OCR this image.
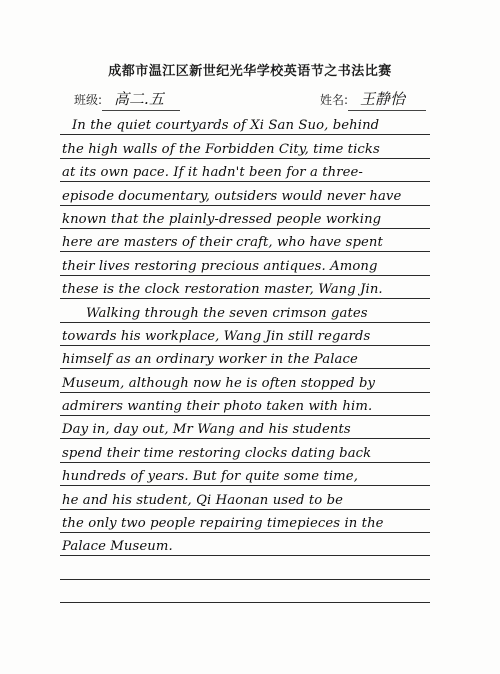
成都市温江区新世纪光华学校英语节之书法比赛
班级: 高二.五	姓名: 王静怡
In the quiet courtyards of Xi San Suo, behind
the high walls of the Forbidden City, time ticks
at its own pace. If it hadn't been for a three-
episode documentary, outsiders would never have
known that the plainly-dressed people working
here are masters of their craft, who have spent
their lives restoring precious antiques. Among
these is the clock restoration master, Wang Jin.
Walking through the seven crimson gates
towards his workplace, Wang Jin still regards
himself as an ordinary worker in the Palace
Museum, although now he is often stopped by
admirers wanting their photo taken with him.
Day in, day out, Mr Wang and his students
spend their time restoring clocks dating back
hundreds of years. But for quite some time,
he and his student, Qi Haonan used to be
the only two people repairing timepieces in the
Palace Museum.
